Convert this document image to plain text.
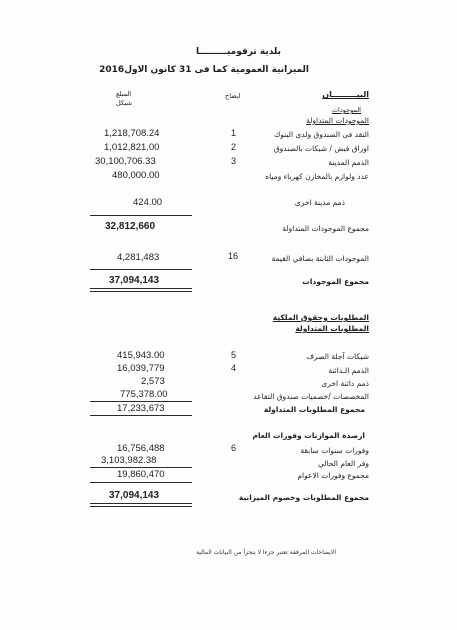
بلدية ترقوميـــــــــا
الميزانية العمومية كما فى 31 كانون الاول2016
المبلغ
شيكل
ايضاح	البيـــــــــان
الموجودات
الموجودات المتداولة
1,218,708.24	1	النقد فى الصندوق ولدى البنوك
1,012,821.00	2	اوراق قبض / شيكات بالصندوق
30,100,706.33	3	الذمم المدينة
480,000.00	عدد ولوازم بالمخازن كهرباء ومياه
424.00	ذمم مدينة اخرى
32,812,660	مجموع الموجودات المتداولة
4,281,483	16	الموجودات الثابتة بصافي القيمة
37,094,143	مجموع الموجودات
المطلوبات وحقوق الملكية
المطلوبات المتداولة
415,943.00	5	شيكات آجلة الصرف
16,039,779	4	الذمم الـدائنة
2,573	ذمم دائنة اخرى
775,378.00	المخصصات /خصميات صندوق التقاعد
17,233,673	مجموع المطلوبات المتداولة
ارصدة الموازنات وفورات العام
16,756,488	6	وفورات سنوات سابقة
3,103,982.38	وفر العام الحالي
19,860,470	مجموع وفورات الاعوام
37,094,143	مجموع المطلوبات وخصوم الميزانية
الايضاحات المرفقة تعتبر جزءا لا يتجزأ من البيانات المالية
